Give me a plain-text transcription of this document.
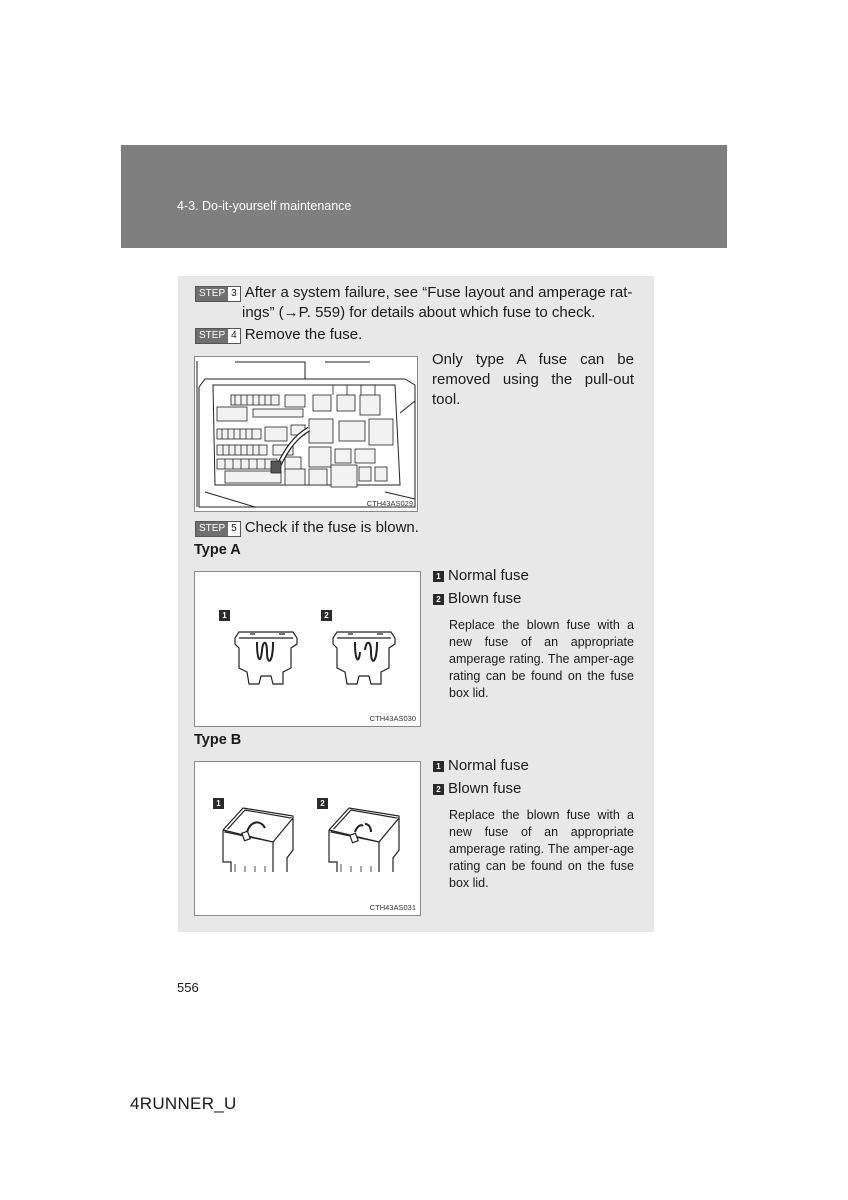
4-3. Do-it-yourself maintenance
STEP 3 After a system failure, see “Fuse layout and amperage rat-
ings” (→P. 559) for details about which fuse to check.
STEP 4 Remove the fuse.
CTH43AS029
Only type A fuse can be removed using the pull-out tool.
STEP 5 Check if the fuse is blown.
Type A
1	2
CTH43AS030
1 Normal fuse
2 Blown fuse
Replace the blown fuse with a new fuse of an appropriate amperage rating. The amper-age rating can be found on the fuse box lid.
Type B
1	2
CTH43AS031
1 Normal fuse
2 Blown fuse
Replace the blown fuse with a new fuse of an appropriate amperage rating. The amper-age rating can be found on the fuse box lid.
556
4RUNNER_U
